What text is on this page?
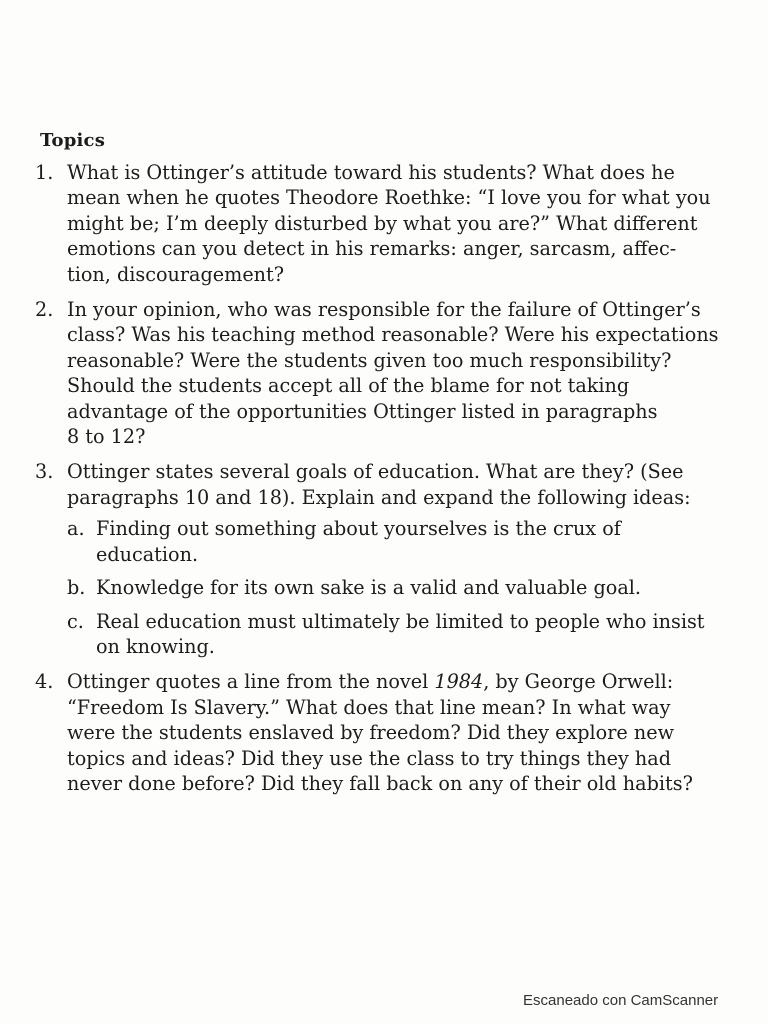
Topics
1. What is Ottinger’s attitude toward his students? What does he
mean when he quotes Theodore Roethke: “I love you for what you
might be; I’m deeply disturbed by what you are?” What different
emotions can you detect in his remarks: anger, sarcasm, affec-
tion, discouragement?
2. In your opinion, who was responsible for the failure of Ottinger’s
class? Was his teaching method reasonable? Were his expectations
reasonable? Were the students given too much responsibility?
Should the students accept all of the blame for not taking
advantage of the opportunities Ottinger listed in paragraphs
8 to 12?
3. Ottinger states several goals of education. What are they? (See
paragraphs 10 and 18). Explain and expand the following ideas:
a. Finding out something about yourselves is the crux of
education.
b. Knowledge for its own sake is a valid and valuable goal.
c. Real education must ultimately be limited to people who insist
on knowing.
4. Ottinger quotes a line from the novel 1984, by George Orwell:
“Freedom Is Slavery.” What does that line mean? In what way
were the students enslaved by freedom? Did they explore new
topics and ideas? Did they use the class to try things they had
never done before? Did they fall back on any of their old habits?
Escaneado con CamScanner
